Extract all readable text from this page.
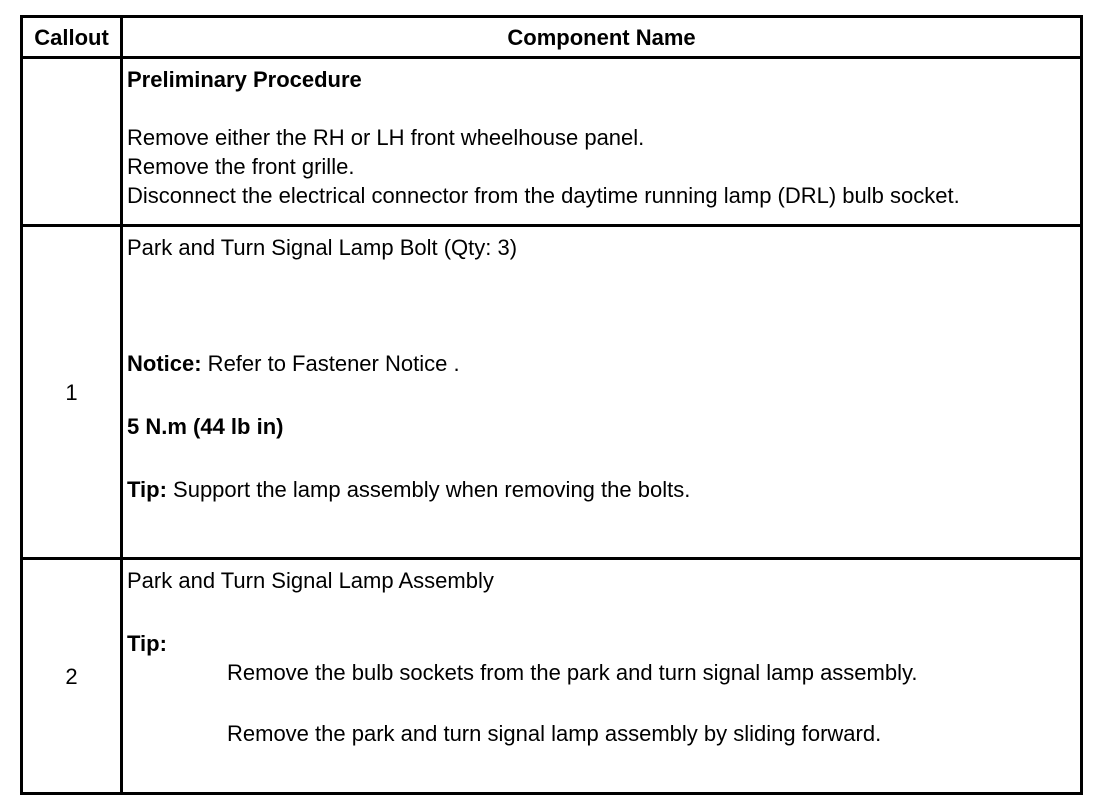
Callout	Component Name

	Preliminary Procedure
Remove either the RH or LH front wheelhouse panel.
Remove the front grille.
Disconnect the electrical connector from the daytime running lamp (DRL) bulb socket.

1	Park and Turn Signal Lamp Bolt (Qty: 3)
Notice: Refer to Fastener Notice .
5 N.m (44 lb in)
Tip: Support the lamp assembly when removing the bolts.

2	Park and Turn Signal Lamp Assembly
Tip:
Remove the bulb sockets from the park and turn signal lamp assembly.
Remove the park and turn signal lamp assembly by sliding forward.
